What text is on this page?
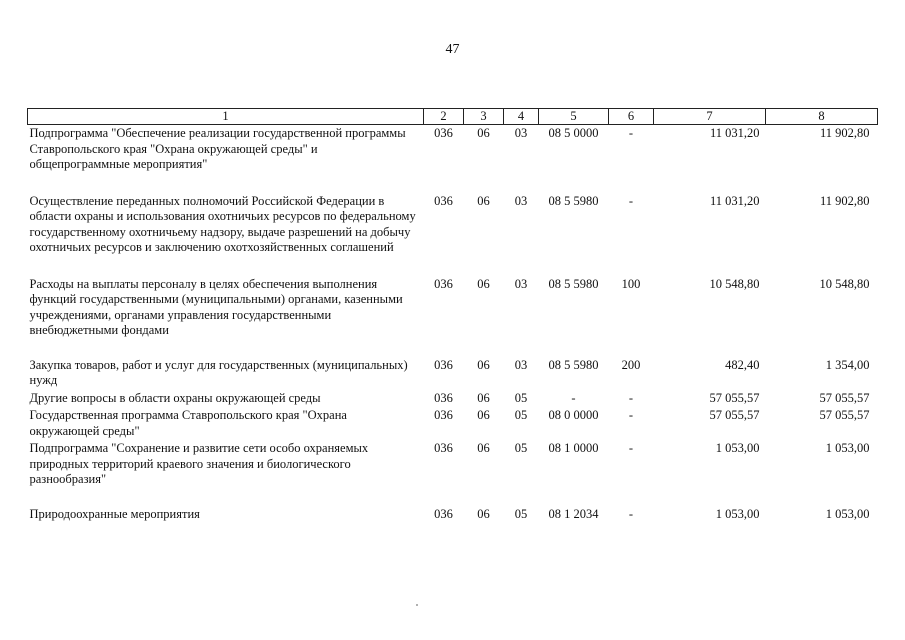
47
1	2	3	4	5	6	7	8
Подпрограмма "Обеспечение реализации государственной программы Ставропольского края "Охрана окружающей среды" и общепрограммные мероприятия"	036	06	03	08 5 0000	-	11 031,20	11 902,80
Осуществление переданных полномочий Российской Федерации в области охраны и использования охотничьих ресурсов по федеральному государственному охотничьему надзору, выдаче разрешений на добычу охотничьих ресурсов и заключению охотхозяйственных соглашений	036	06	03	08 5 5980	-	11 031,20	11 902,80
Расходы на выплаты персоналу в целях обеспечения выполнения функций государственными (муниципальными) органами, казенными учреждениями, органами управления государственными внебюджетными фондами	036	06	03	08 5 5980	100	10 548,80	10 548,80
Закупка товаров, работ и услуг для государственных (муниципальных) нужд	036	06	03	08 5 5980	200	482,40	1 354,00
Другие вопросы в области охраны окружающей среды	036	06	05	-	-	57 055,57	57 055,57
Государственная программа Ставропольского края "Охрана окружающей среды"	036	06	05	08 0 0000	-	57 055,57	57 055,57
Подпрограмма "Сохранение и развитие сети особо охраняемых природных территорий краевого значения и биологического разнообразия"	036	06	05	08 1 0000	-	1 053,00	1 053,00
Природоохранные мероприятия	036	06	05	08 1 2034	-	1 053,00	1 053,00
